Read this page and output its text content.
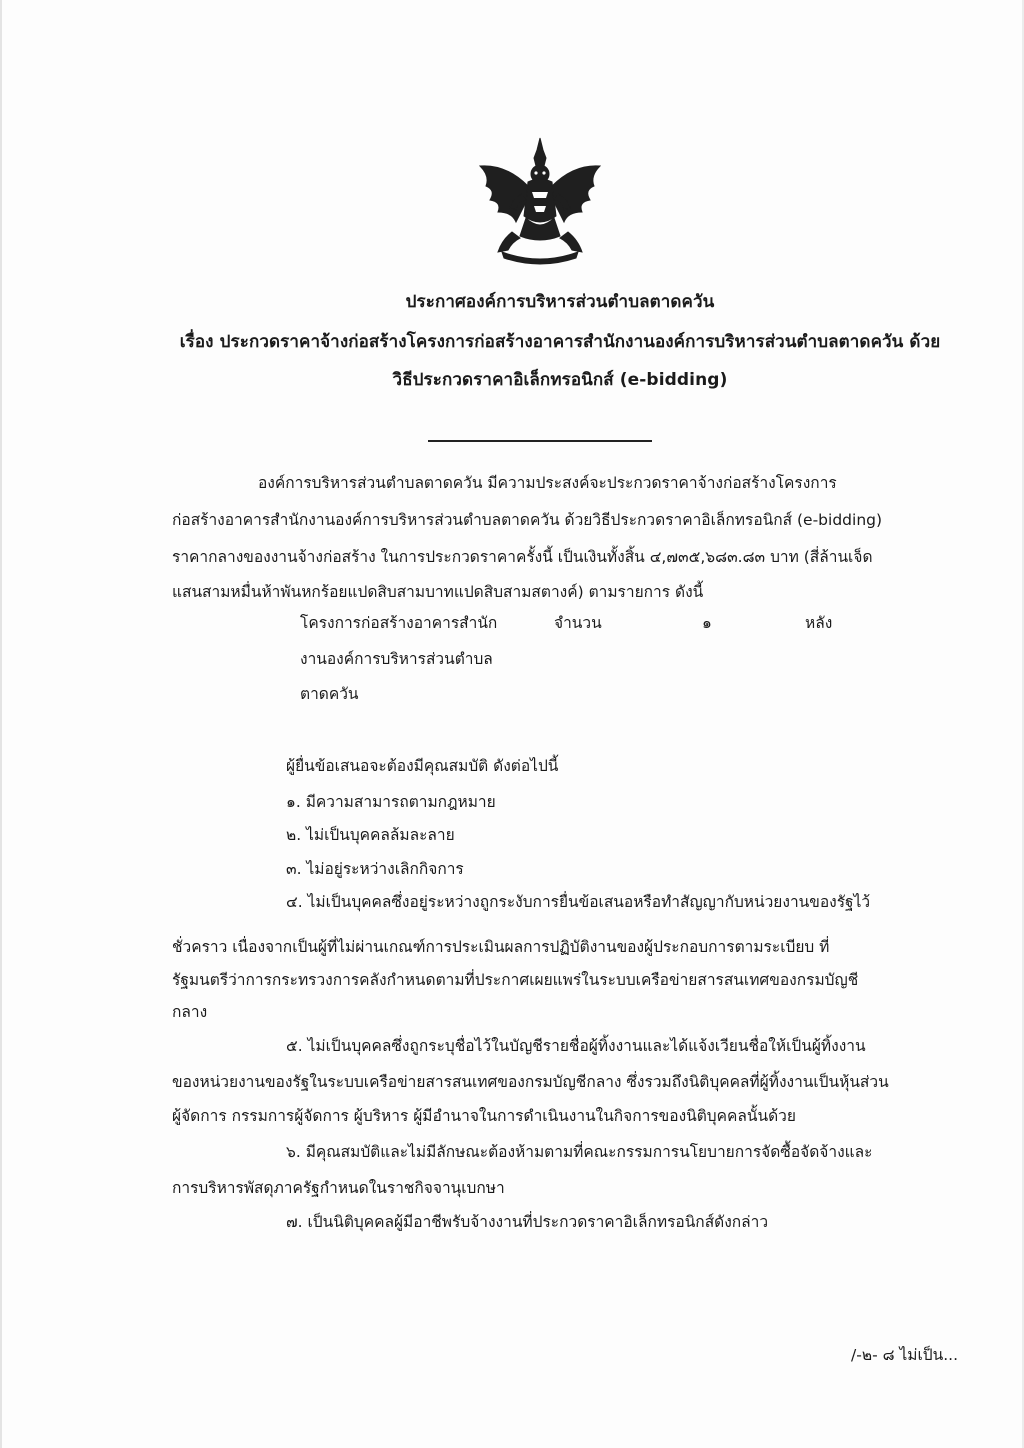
ประกาศองค์การบริหารส่วนตำบลตาดควัน
เรื่อง ประกวดราคาจ้างก่อสร้างโครงการก่อสร้างอาคารสำนักงานองค์การบริหารส่วนตำบลตาดควัน ด้วย
วิธีประกวดราคาอิเล็กทรอนิกส์ (e-bidding)
องค์การบริหารส่วนตำบลตาดควัน มีความประสงค์จะประกวดราคาจ้างก่อสร้างโครงการ
ก่อสร้างอาคารสำนักงานองค์การบริหารส่วนตำบลตาดควัน ด้วยวิธีประกวดราคาอิเล็กทรอนิกส์ (e-bidding)
ราคากลางของงานจ้างก่อสร้าง ในการประกวดราคาครั้งนี้ เป็นเงินทั้งสิ้น ๔,๗๓๕,๖๘๓.๘๓ บาท (สี่ล้านเจ็ด
แสนสามหมื่นห้าพันหกร้อยแปดสิบสามบาทแปดสิบสามสตางค์) ตามรายการ ดังนี้
โครงการก่อสร้างอาคารสำนัก
งานองค์การบริหารส่วนตำบล
ตาดควัน
จำนวน	๑	หลัง
ผู้ยื่นข้อเสนอจะต้องมีคุณสมบัติ ดังต่อไปนี้
๑. มีความสามารถตามกฎหมาย
๒. ไม่เป็นบุคคลล้มละลาย
๓. ไม่อยู่ระหว่างเลิกกิจการ
๔. ไม่เป็นบุคคลซึ่งอยู่ระหว่างถูกระงับการยื่นข้อเสนอหรือทำสัญญากับหน่วยงานของรัฐไว้
ชั่วคราว เนื่องจากเป็นผู้ที่ไม่ผ่านเกณฑ์การประเมินผลการปฏิบัติงานของผู้ประกอบการตามระเบียบ ที่
รัฐมนตรีว่าการกระทรวงการคลังกำหนดตามที่ประกาศเผยแพร่ในระบบเครือข่ายสารสนเทศของกรมบัญชี
กลาง
๕. ไม่เป็นบุคคลซึ่งถูกระบุชื่อไว้ในบัญชีรายชื่อผู้ทิ้งงานและได้แจ้งเวียนชื่อให้เป็นผู้ทิ้งงาน
ของหน่วยงานของรัฐในระบบเครือข่ายสารสนเทศของกรมบัญชีกลาง ซึ่งรวมถึงนิติบุคคลที่ผู้ทิ้งงานเป็นหุ้นส่วน
ผู้จัดการ กรรมการผู้จัดการ ผู้บริหาร ผู้มีอำนาจในการดำเนินงานในกิจการของนิติบุคคลนั้นด้วย
๖. มีคุณสมบัติและไม่มีลักษณะต้องห้ามตามที่คณะกรรมการนโยบายการจัดซื้อจัดจ้างและ
การบริหารพัสดุภาครัฐกำหนดในราชกิจจานุเบกษา
๗. เป็นนิติบุคคลผู้มีอาชีพรับจ้างงานที่ประกวดราคาอิเล็กทรอนิกส์ดังกล่าว
/-๒- ๘ ไม่เป็น...
